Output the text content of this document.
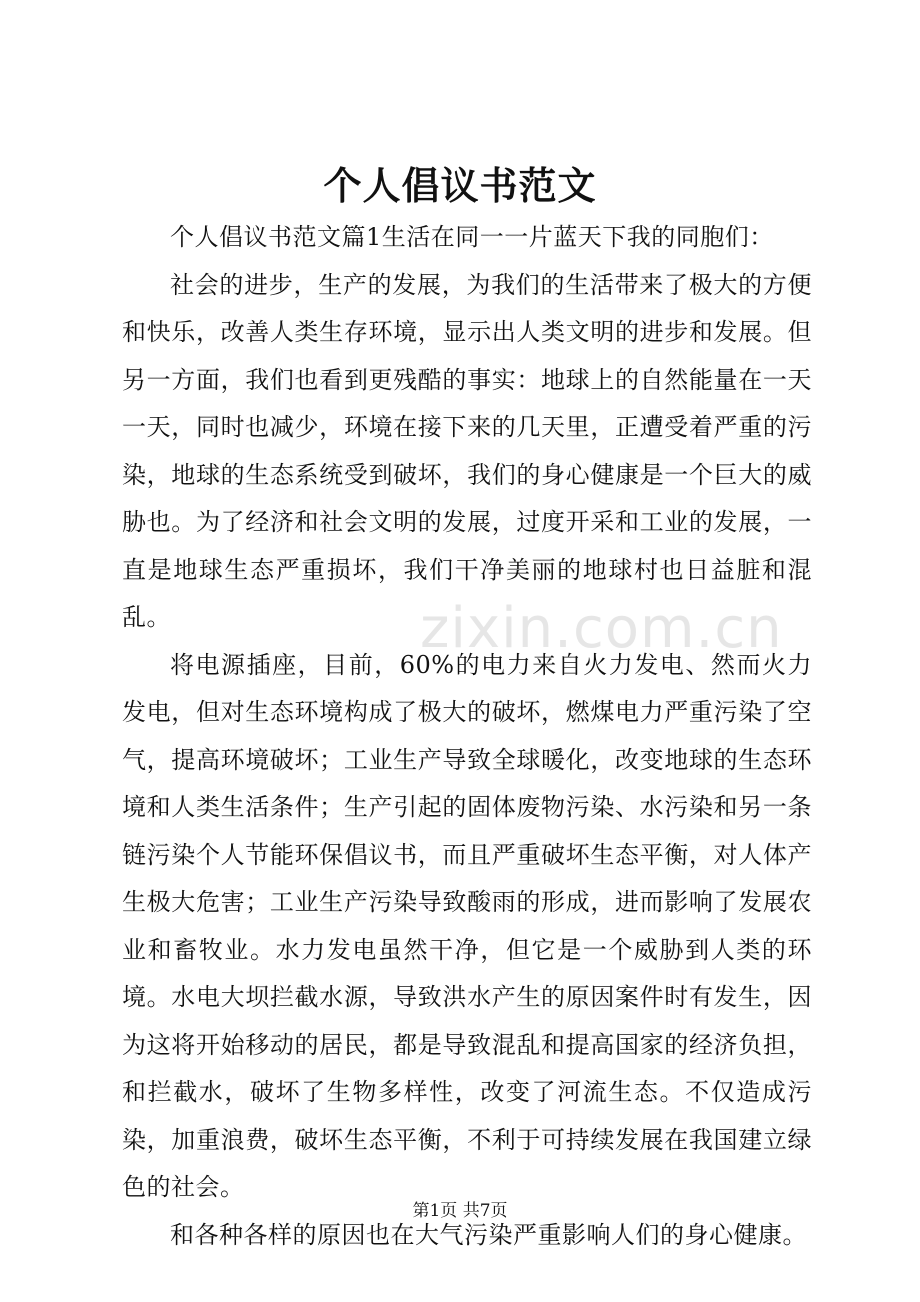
个人倡议书范文

个人倡议书范文篇1生活在同一一片蓝天下我的同胞们：

社会的进步，生产的发展，为我们的生活带来了极大的方便和快乐，改善人类生存环境，显示出人类文明的进步和发展。但另一方面，我们也看到更残酷的事实：地球上的自然能量在一天一天，同时也减少，环境在接下来的几天里，正遭受着严重的污染，地球的生态系统受到破坏，我们的身心健康是一个巨大的威胁也。为了经济和社会文明的发展，过度开采和工业的发展，一直是地球生态严重损坏，我们干净美丽的地球村也日益脏和混乱。

将电源插座，目前，60%的电力来自火力发电、然而火力发电，但对生态环境构成了极大的破坏，燃煤电力严重污染了空气，提高环境破坏；工业生产导致全球暖化，改变地球的生态环境和人类生活条件；生产引起的固体废物污染、水污染和另一条链污染个人节能环保倡议书，而且严重破坏生态平衡，对人体产生极大危害；工业生产污染导致酸雨的形成，进而影响了发展农业和畜牧业。水力发电虽然干净，但它是一个威胁到人类的环境。水电大坝拦截水源，导致洪水产生的原因案件时有发生，因为这将开始移动的居民，都是导致混乱和提高国家的经济负担，和拦截水，破坏了生物多样性，改变了河流生态。不仅造成污染，加重浪费，破坏生态平衡，不利于可持续发展在我国建立绿色的社会。

和各种各样的原因也在大气污染严重影响人们的身心健康。

zixin.com.cn
第1页 共7页
